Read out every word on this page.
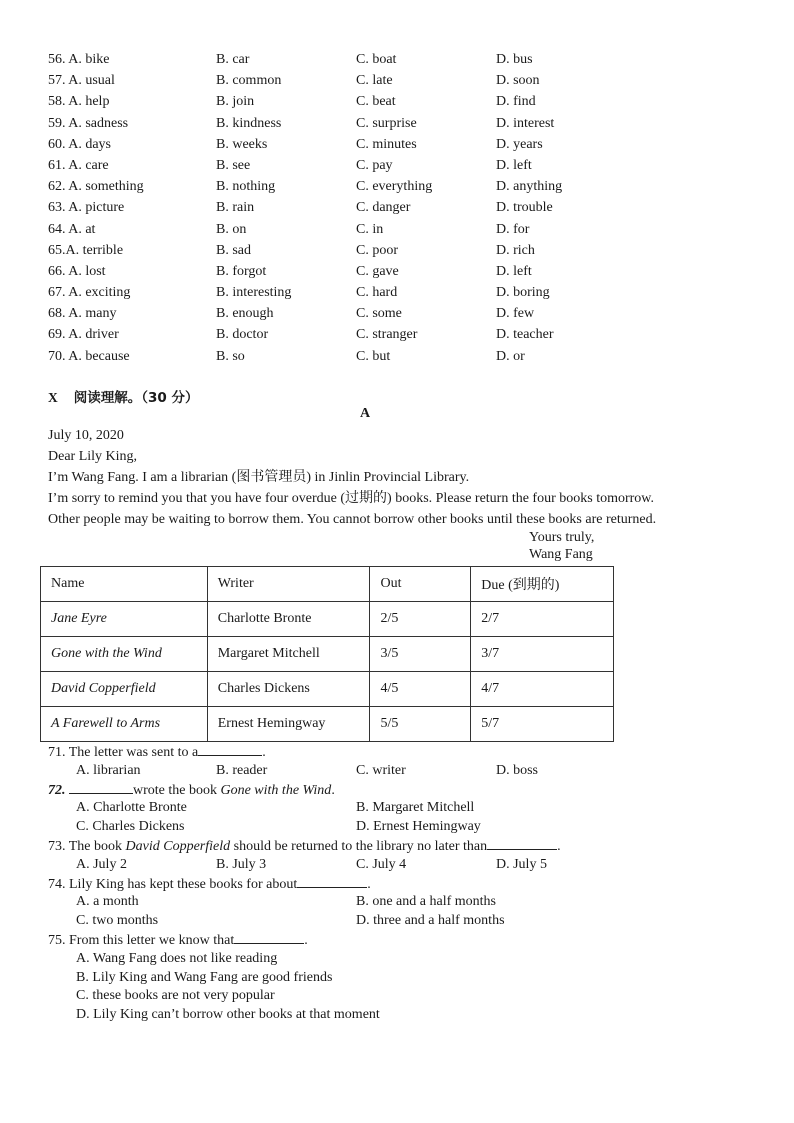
56. A. bike	B. car	C. boat	D. bus
57. A. usual	B. common	C. late	D. soon
58. A. help	B. join	C. beat	D. find
59. A. sadness	B. kindness	C. surprise	D. interest
60. A. days	B. weeks	C. minutes	D. years
61. A. care	B. see	C. pay	D. left
62. A. something	B. nothing	C. everything	D. anything
63. A. picture	B. rain	C. danger	D. trouble
64. A. at	B. on	C. in	D. for
65.A. terrible	B. sad	C. poor	D. rich
66. A. lost	B. forgot	C. gave	D. left
67. A. exciting	B. interesting	C. hard	D. boring
68. A. many	B. enough	C. some	D. few
69. A. driver	B. doctor	C. stranger	D. teacher
70. A. because	B. so	C. but	D. or
X 阅读理解。（30 分）
A

July 10, 2020

Dear Lily King,

I’m Wang Fang. I am a librarian (图书管理员) in Jinlin Provincial Library.

I’m sorry to remind you that you have four overdue (过期的) books. Please return the four books tomorrow.

Other people may be waiting to borrow them. You cannot borrow other books until these books are returned.

Yours truly,
Wang Fang
Name	Writer	Out	Due (到期的)
Jane Eyre	Charlotte Bronte	2/5	2/7
Gone with the Wind	Margaret Mitchell	3/5	3/7
David Copperfield	Charles Dickens	4/5	4/7
A Farewell to Arms	Ernest Hemingway	5/5	5/7
71. The letter was sent to a	.
A. librarian	B. reader	C. writer	D. boss
72.	wrote the book Gone with the Wind.
A. Charlotte Bronte	B. Margaret Mitchell
C. Charles Dickens	D. Ernest Hemingway
73. The book David Copperfield should be returned to the library no later than	.
A. July 2	B. July 3	C. July 4	D. July 5
74. Lily King has kept these books for about	.
A. a month	B. one and a half months
C. two months	D. three and a half months
75. From this letter we know that	.
A. Wang Fang does not like reading
B. Lily King and Wang Fang are good friends
C. these books are not very popular
D. Lily King can’t borrow other books at that moment
